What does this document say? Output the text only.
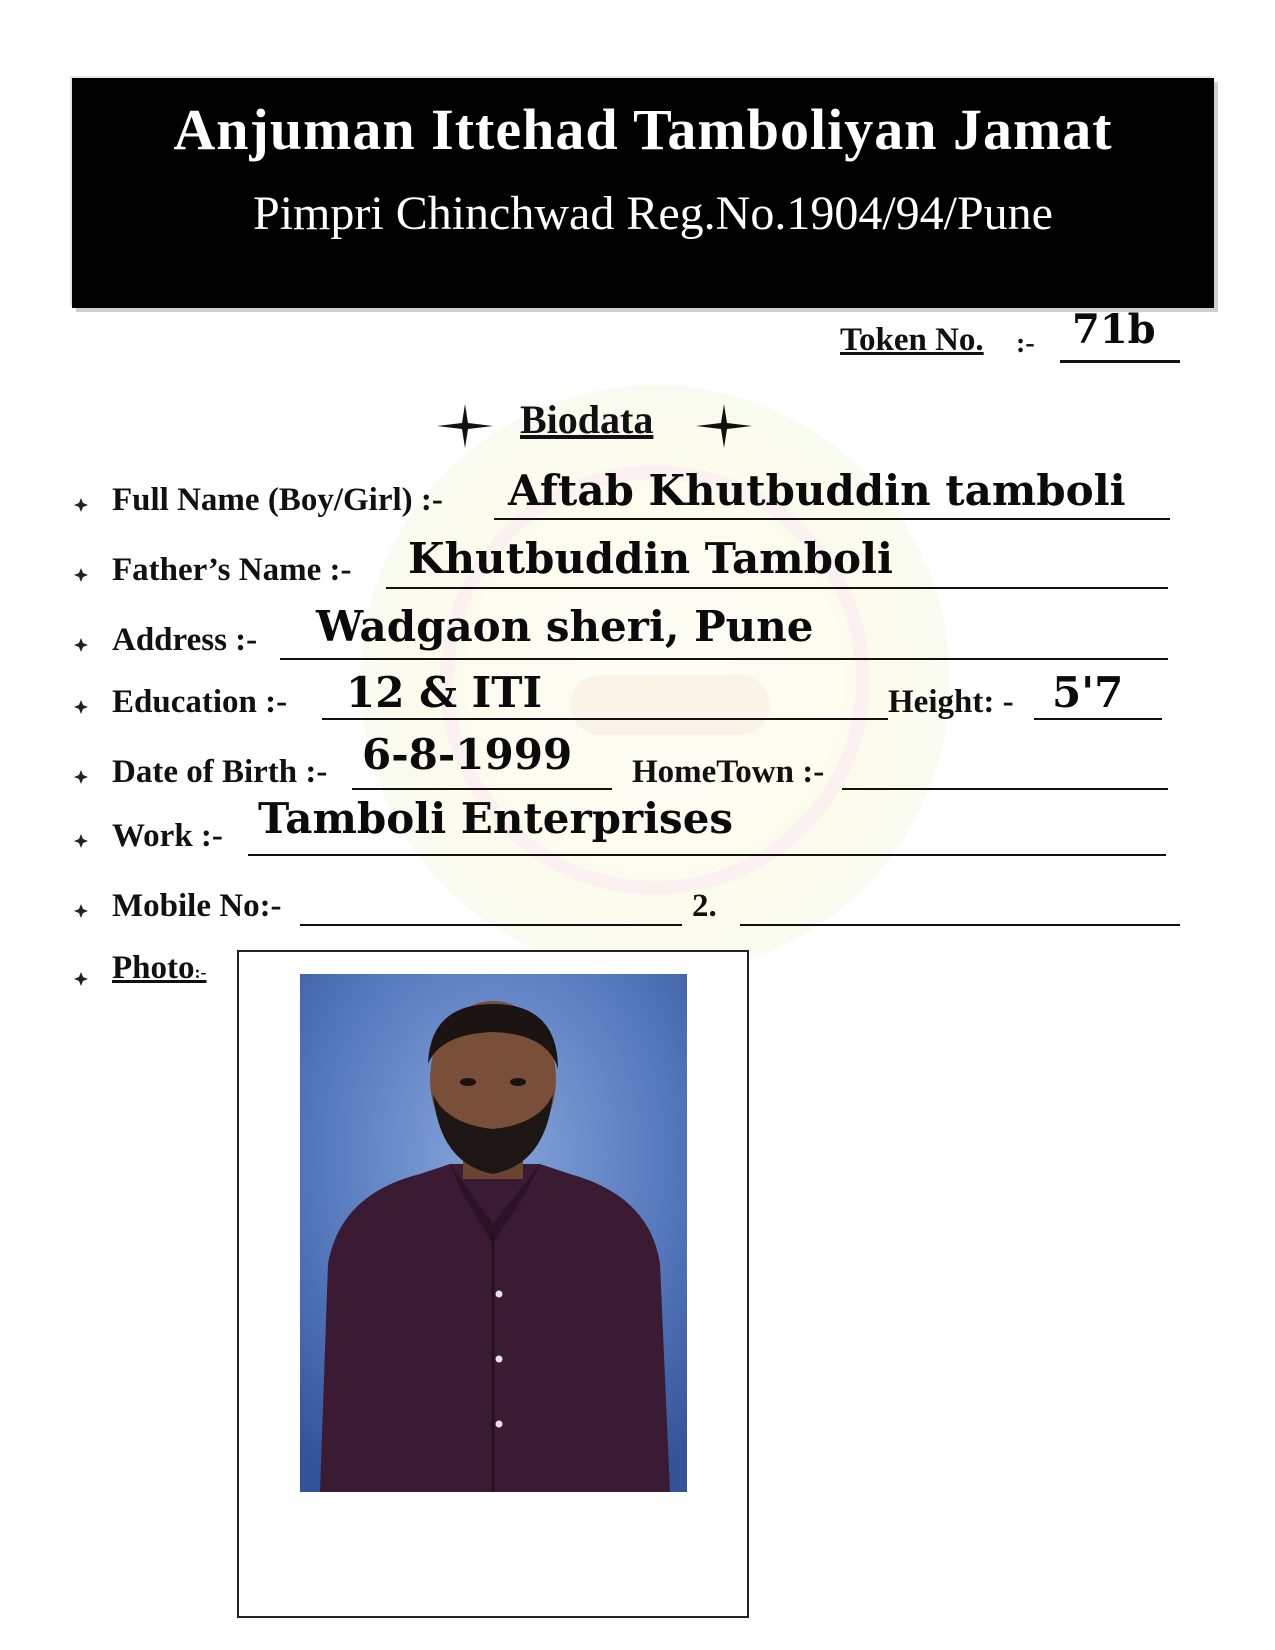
Anjuman Ittehad Tamboliyan Jamat
Pimpri Chinchwad Reg.No.1904/94/Pune
Token No. :- 71b
Biodata
Full Name (Boy/Girl) :- Aftab Khutbuddin tamboli
Father’s Name :- Khutbuddin Tamboli
Address :- Wadgaon sheri, Pune
Education :- 12 & ITI	Height: - 5'7
Date of Birth :- 6-8-1999 HomeTown :-
Work :- Tamboli Enterprises
Mobile No:-	2.
Photo:-
